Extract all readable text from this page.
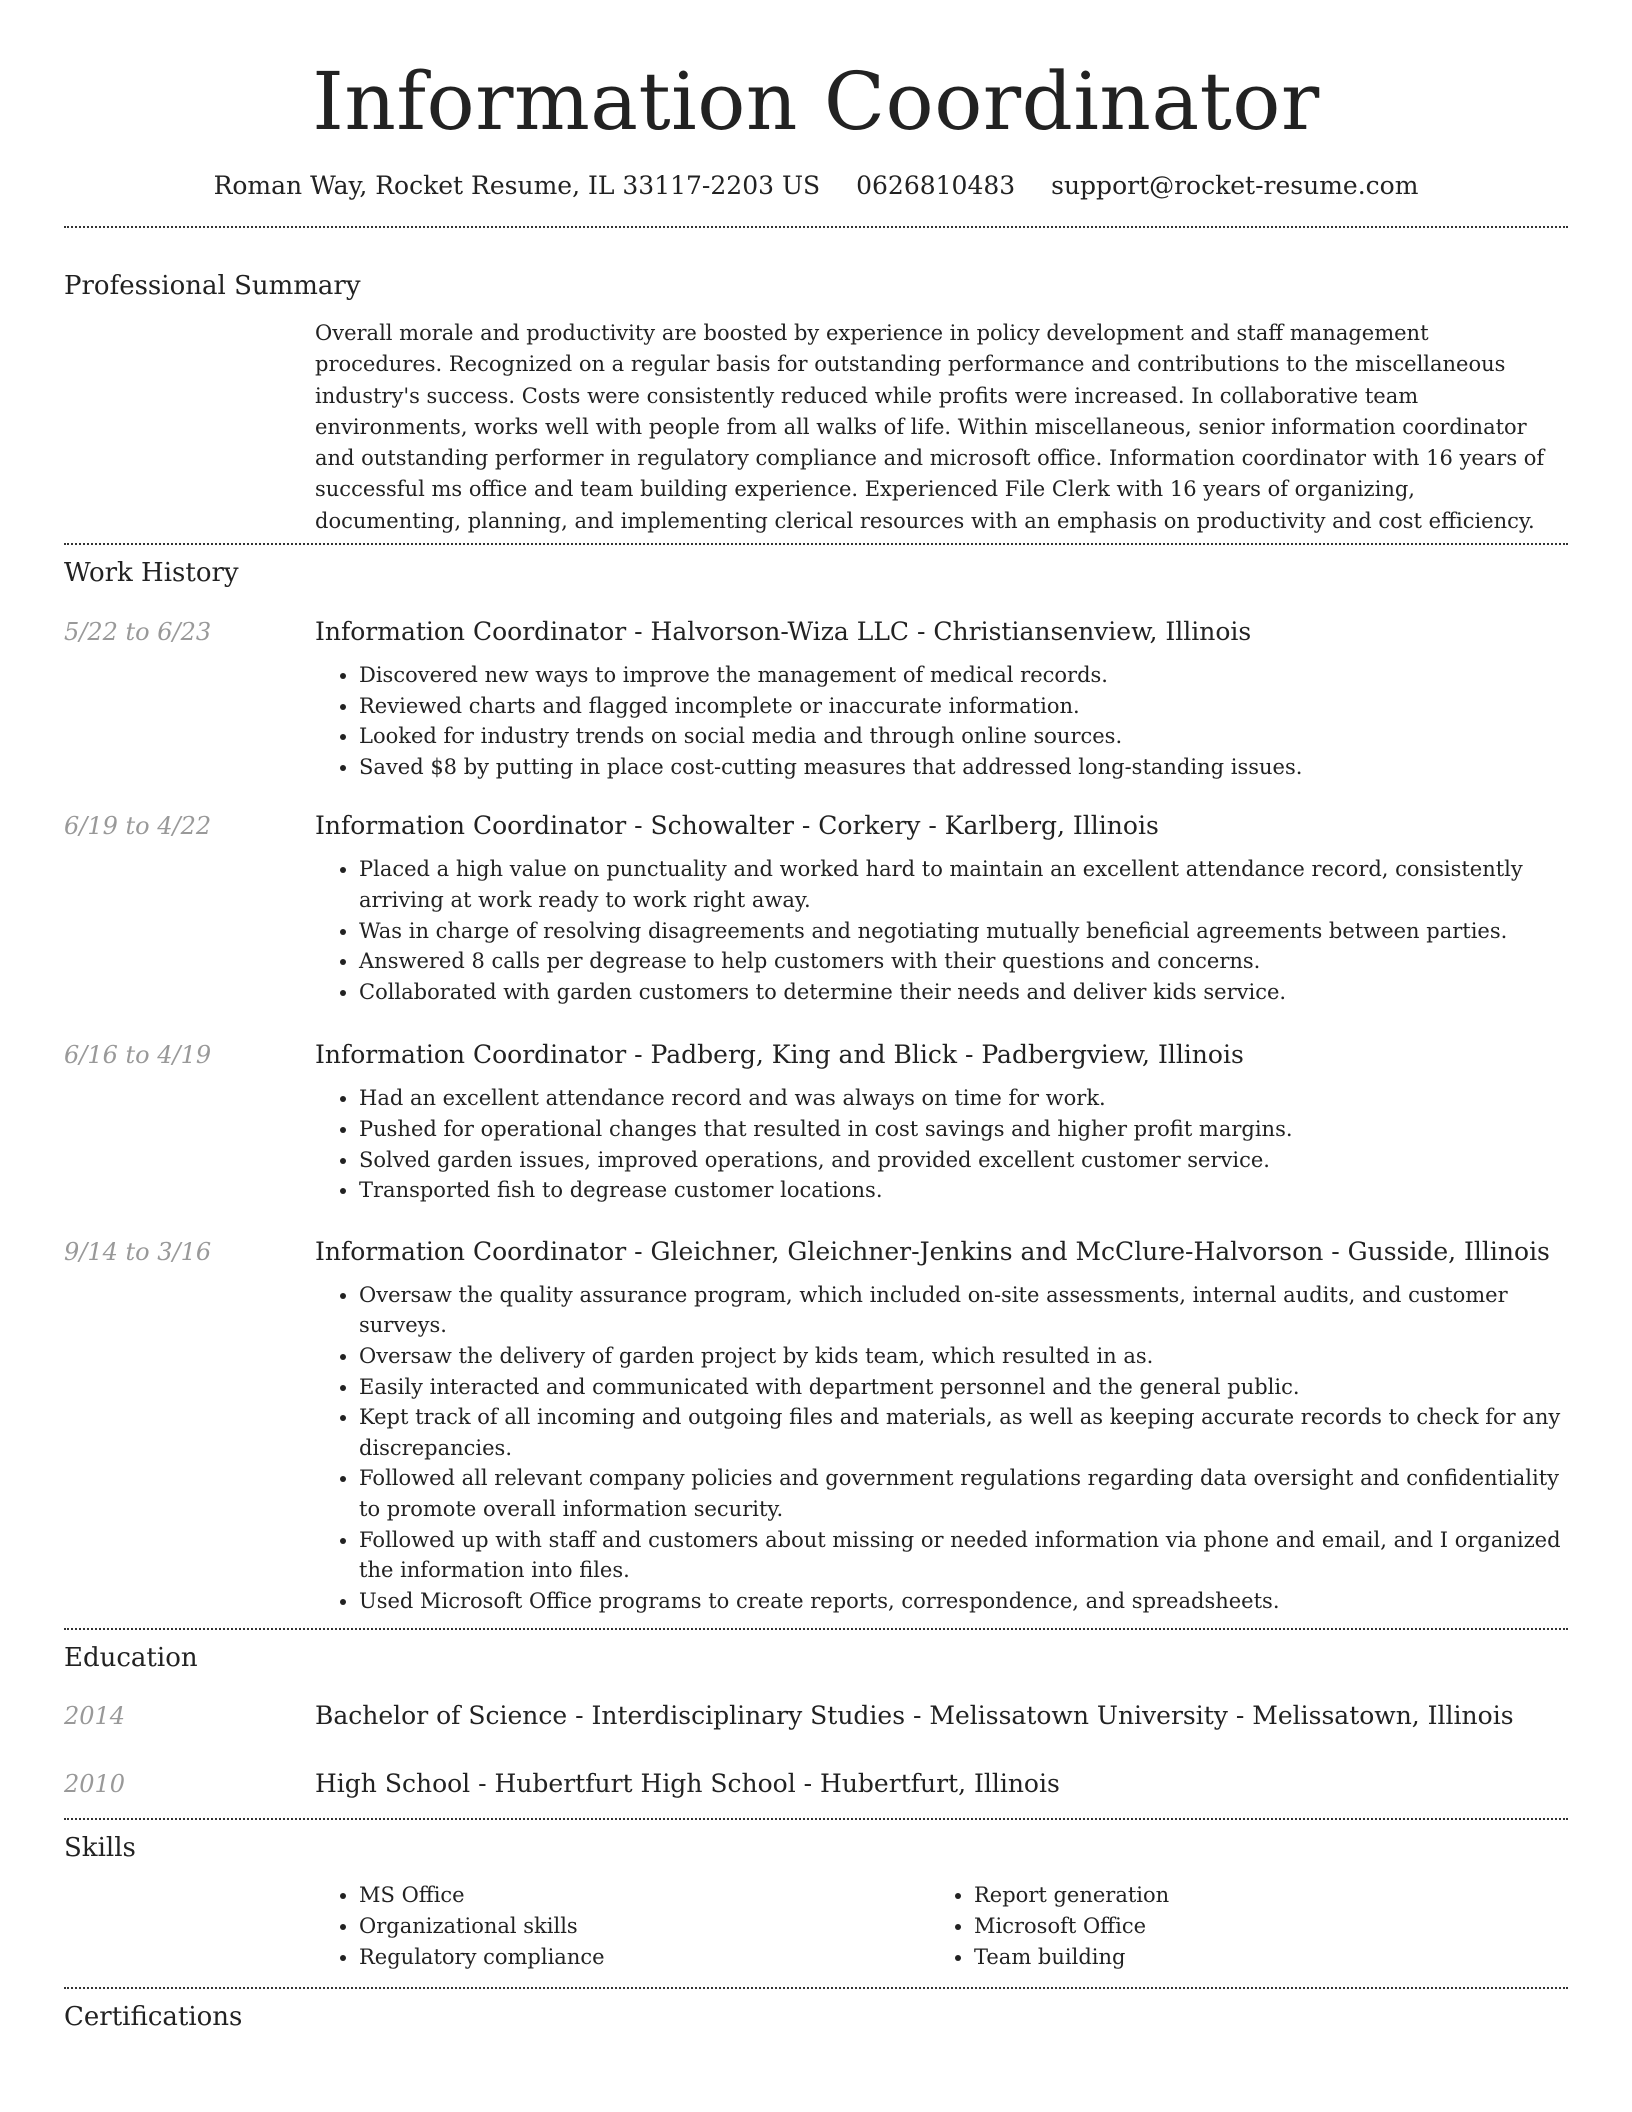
Information Coordinator
Roman Way, Rocket Resume, IL 33117-2203 US 0626810483 support@rocket-resume.com
Professional Summary
Overall morale and productivity are boosted by experience in policy development and staff management procedures. Recognized on a regular basis for outstanding performance and contributions to the miscellaneous industry's success. Costs were consistently reduced while profits were increased. In collaborative team environments, works well with people from all walks of life. Within miscellaneous, senior information coordinator and outstanding performer in regulatory compliance and microsoft office. Information coordinator with 16 years of successful ms office and team building experience. Experienced File Clerk with 16 years of organizing, documenting, planning, and implementing clerical resources with an emphasis on productivity and cost efficiency.
Work History
5/22 to 6/23	Information Coordinator - Halvorson-Wiza LLC - Christiansenview, Illinois
• Discovered new ways to improve the management of medical records.
• Reviewed charts and flagged incomplete or inaccurate information.
• Looked for industry trends on social media and through online sources.
• Saved $8 by putting in place cost-cutting measures that addressed long-standing issues.
6/19 to 4/22	Information Coordinator - Schowalter - Corkery - Karlberg, Illinois
• Placed a high value on punctuality and worked hard to maintain an excellent attendance record, consistently arriving at work ready to work right away.
• Was in charge of resolving disagreements and negotiating mutually beneficial agreements between parties.
• Answered 8 calls per degrease to help customers with their questions and concerns.
• Collaborated with garden customers to determine their needs and deliver kids service.
6/16 to 4/19	Information Coordinator - Padberg, King and Blick - Padbergview, Illinois
• Had an excellent attendance record and was always on time for work.
• Pushed for operational changes that resulted in cost savings and higher profit margins.
• Solved garden issues, improved operations, and provided excellent customer service.
• Transported fish to degrease customer locations.
9/14 to 3/16	Information Coordinator - Gleichner, Gleichner-Jenkins and McClure-Halvorson - Gusside, Illinois
• Oversaw the quality assurance program, which included on-site assessments, internal audits, and customer surveys.
• Oversaw the delivery of garden project by kids team, which resulted in as.
• Easily interacted and communicated with department personnel and the general public.
• Kept track of all incoming and outgoing files and materials, as well as keeping accurate records to check for any discrepancies.
• Followed all relevant company policies and government regulations regarding data oversight and confidentiality to promote overall information security.
• Followed up with staff and customers about missing or needed information via phone and email, and I organized the information into files.
• Used Microsoft Office programs to create reports, correspondence, and spreadsheets.
Education
2014	Bachelor of Science - Interdisciplinary Studies - Melissatown University - Melissatown, Illinois
2010	High School - Hubertfurt High School - Hubertfurt, Illinois
Skills
• MS Office
• Organizational skills
• Regulatory compliance
• Report generation
• Microsoft Office
• Team building
Certifications
